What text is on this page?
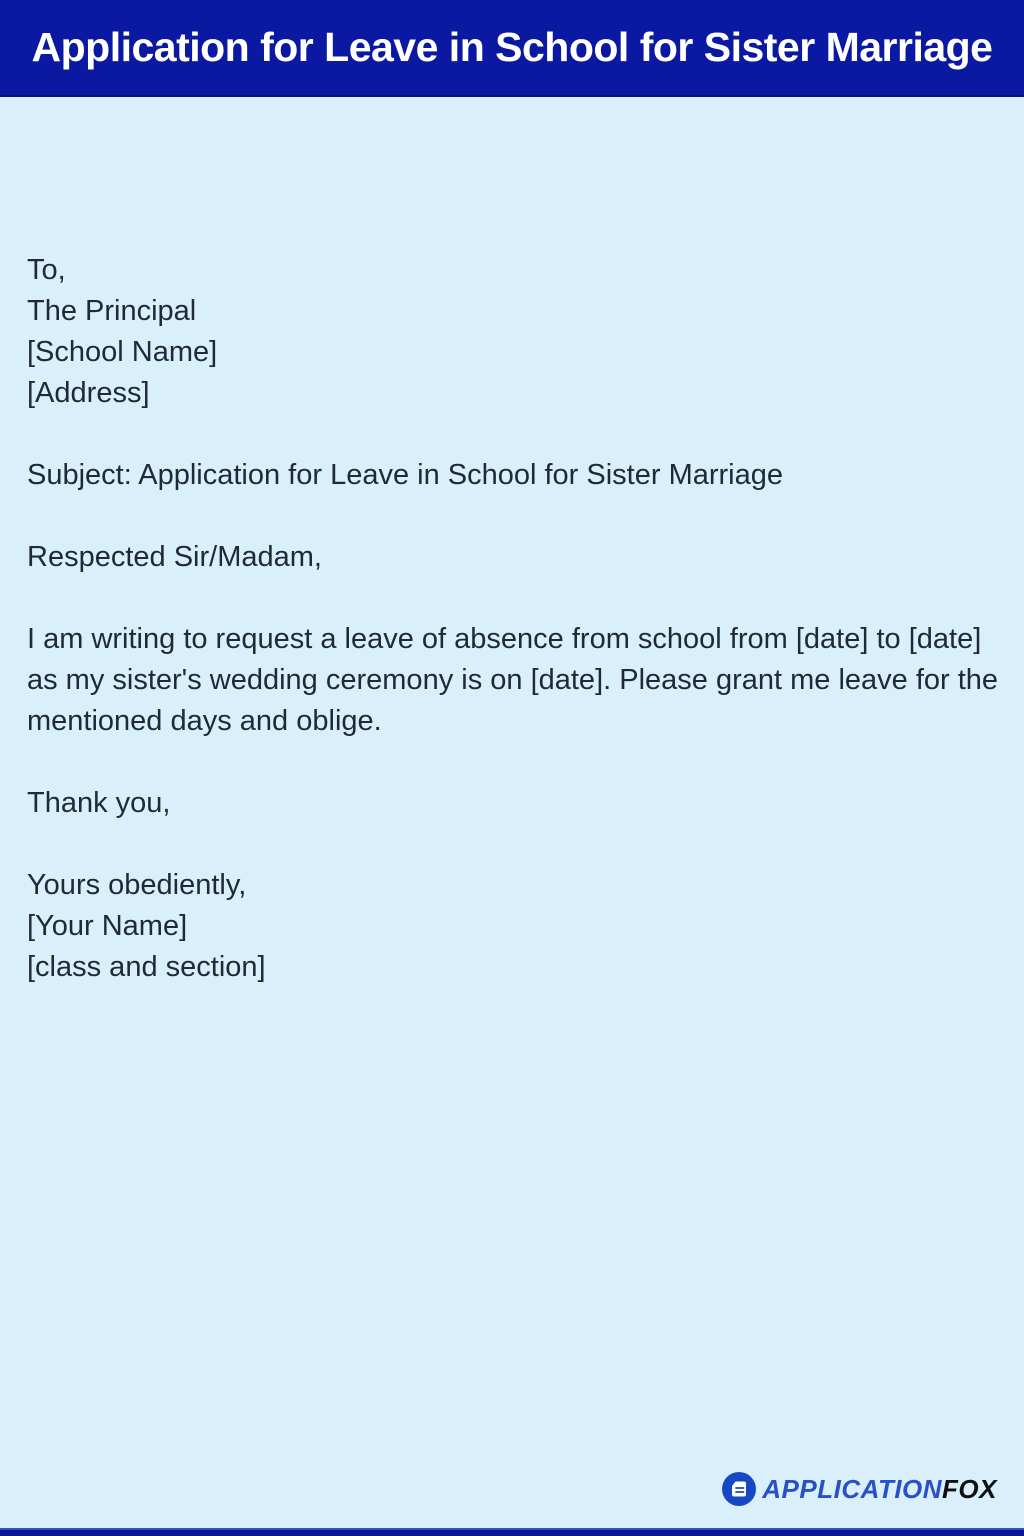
Application for Leave in School for Sister Marriage
To,
The Principal
[School Name]
[Address]
Subject: Application for Leave in School for Sister Marriage
Respected Sir/Madam,
I am writing to request a leave of absence from school from [date] to [date] as my sister's wedding ceremony is on [date]. Please grant me leave for the mentioned days and oblige.
Thank you,
Yours obediently,
[Your Name]
[class and section]
APPLICATIONFOX
